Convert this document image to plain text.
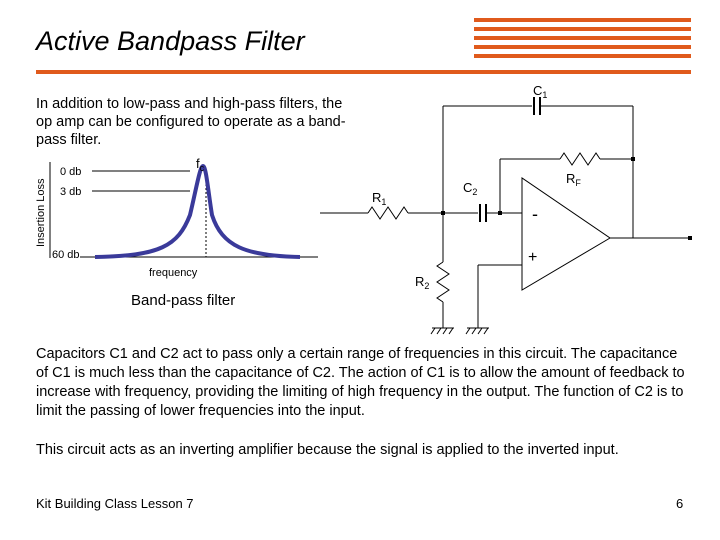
Active Bandpass Filter
In addition to low-pass and high-pass filters, the op amp can be configured to operate as a band-pass filter.
Insertion Loss
0 db
3 db
60 db
$f_c$
frequency
Band-pass filter
$C_1$
$C_2$
$R_1$
$R_2$
$R_F$
-
+
Capacitors C1 and C2 act to pass only a certain range of frequencies in this circuit. The capacitance of C1 is much less than the capacitance of C2. The action of C1 is to allow the amount of feedback to increase with frequency, providing the limiting of high frequency in the output. The function of C2 is to limit the passing of lower frequencies into the input.
This circuit acts as an inverting amplifier because the signal is applied to the inverted input.
Kit Building Class Lesson 7	6
